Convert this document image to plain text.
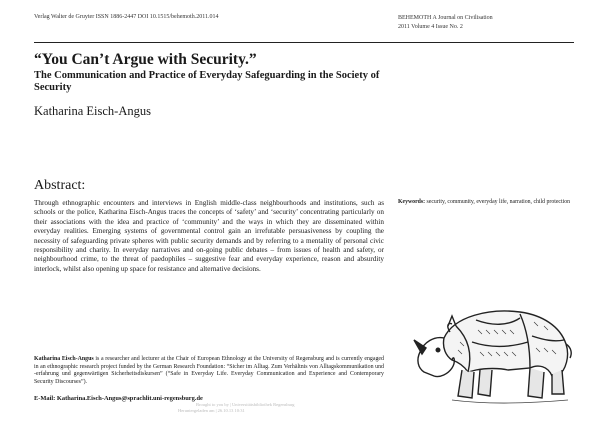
Verlag Walter de Gruyter ISSN 1886-2447 DOI 10.1515/behemoth.2011.014	BEHEMOTH A Journal on Civilisation
2011 Volume 4 Issue No. 2
“You Can’t Argue with Security.”
The Communication and Practice of Everyday Safeguarding in the Society of Security
Katharina Eisch-Angus
Abstract:

Through ethnographic encounters and interviews in English middle-class neighbourhoods and institutions, such as schools or the police, Katharina Eisch-Angus traces the concepts of ‘safety’ and ‘security’ concentrating particularly on their associations with the idea and practice of ‘community’ and the ways in which they are disseminated within everyday realities. Emerging systems of governmental control gain an irrefutable persuasiveness by coupling the necessity of safeguarding private spheres with public security demands and by referring to a mentality of personal civic responsibility and charity. In everyday narratives and on-going public debates – from issues of health and safety, or neighbourhood crime, to the threat of paedophiles – suggestive fear and everyday experience, reason and absurdity interlock, whilst also opening up space for resistance and alternative decisions.

Keywords: security, community, everyday life, narration, child protection

Katharina Eisch-Angus is a researcher and lecturer at the Chair of European Ethnology at the University of Regensburg and is currently engaged in an ethnographic research project funded by the German Research Foundation: “Sicher im Alltag. Zum Verhältnis von Alltagskommunikation und -erfahrung und gegenwärtigen Sicherheitsdiskursen” (“Safe in Everyday Life. Everyday Communication and Experience and Contemporary Security Discourses”).

E-Mail: Katharina.Eisch-Angus@sprachlit.uni-regensburg.de
Brought to you by | Universitätsbibliothek Regensburg
Heruntergeladen am | 26.10.13 10:31
